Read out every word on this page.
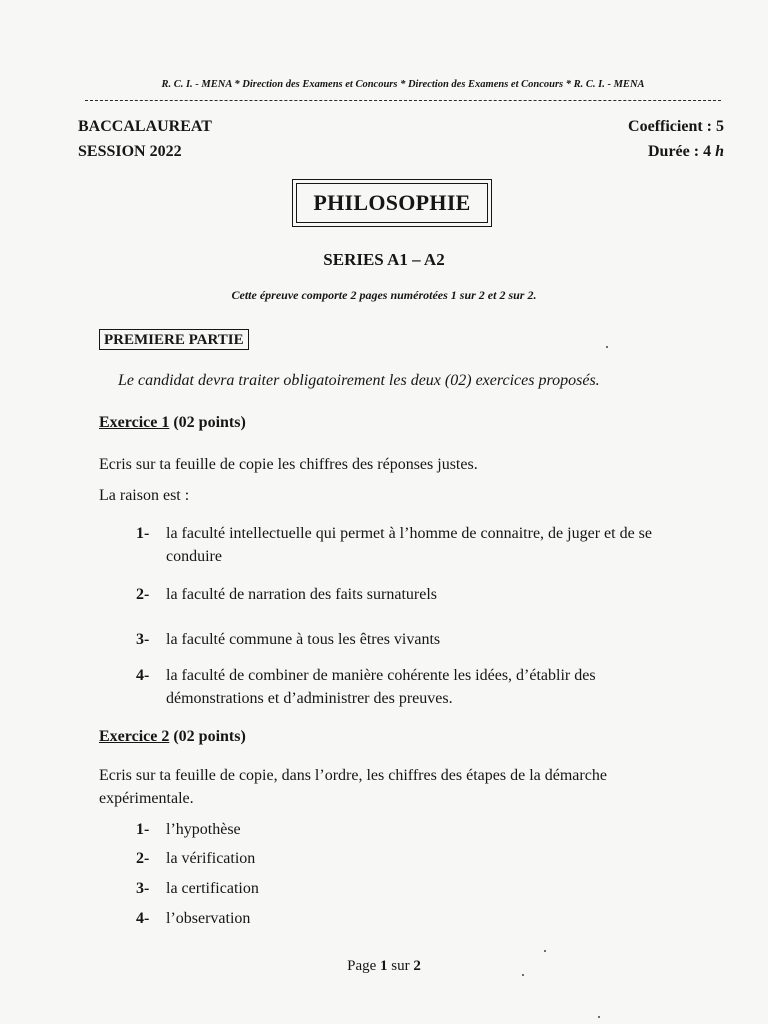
R. C. I. - MENA * Direction des Examens et Concours * Direction des Examens et Concours * R. C. I. - MENA
BACCALAUREAT
SESSION 2022
Coefficient : 5
Durée : 4 h
PHILOSOPHIE
SERIES A1 – A2
Cette épreuve comporte 2 pages numérotées 1 sur 2 et 2 sur 2.
PREMIERE PARTIE
Le candidat devra traiter obligatoirement les deux (02) exercices proposés.
Exercice 1 (02 points)
Ecris sur ta feuille de copie les chiffres des réponses justes.
La raison est :
1-	la faculté intellectuelle qui permet à l’homme de connaitre, de juger et de se conduire
2-	la faculté de narration des faits surnaturels
3-	la faculté commune à tous les êtres vivants
4-	la faculté de combiner de manière cohérente les idées, d’établir des démonstrations et d’administrer des preuves.
Exercice 2 (02 points)
Ecris sur ta feuille de copie, dans l’ordre, les chiffres des étapes de la démarche expérimentale.
1-	l’hypothèse
2-	la vérification
3-	la certification
4-	l’observation
Page 1 sur 2
